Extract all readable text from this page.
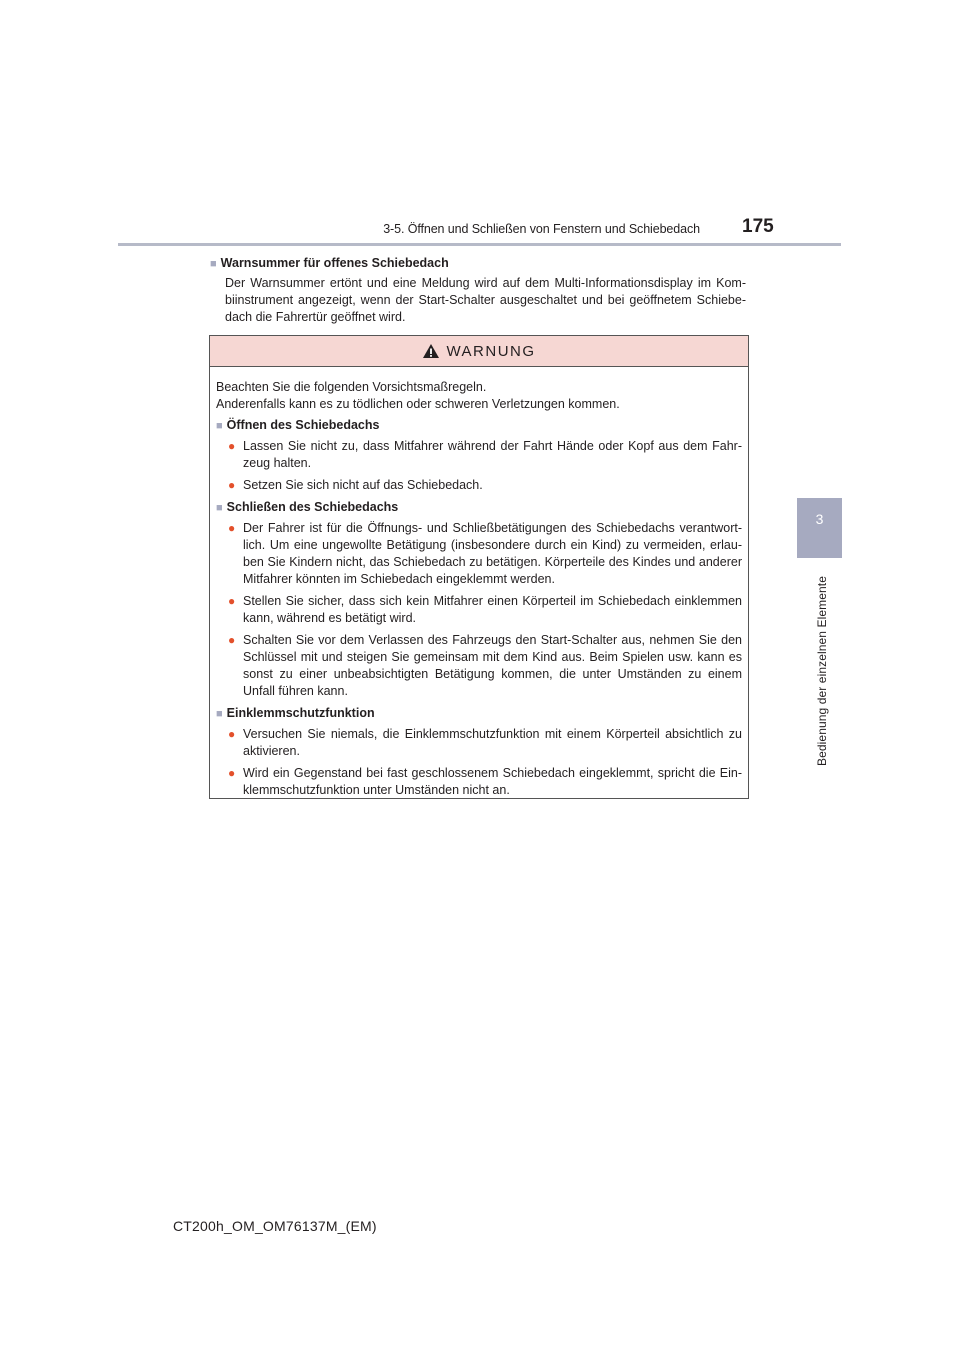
3-5. Öffnen und Schließen von Fenstern und Schiebedach 175
3
Bedienung der einzelnen Elemente
■ Warnsummer für offenes Schiebedach

Der Warnsummer ertönt und eine Meldung wird auf dem Multi-Informationsdisplay im Kom-biinstrument angezeigt, wenn der Start-Schalter ausgeschaltet und bei geöffnetem Schiebe-dach die Fahrertür geöffnet wird.

WARNUNG
Beachten Sie die folgenden Vorsichtsmaßregeln.
Anderenfalls kann es zu tödlichen oder schweren Verletzungen kommen.
■ Öffnen des Schiebedachs
● Lassen Sie nicht zu, dass Mitfahrer während der Fahrt Hände oder Kopf aus dem Fahr-zeug halten.
● Setzen Sie sich nicht auf das Schiebedach.
■ Schließen des Schiebedachs
● Der Fahrer ist für die Öffnungs- und Schließbetätigungen des Schiebedachs verantwort-lich. Um eine ungewollte Betätigung (insbesondere durch ein Kind) zu vermeiden, erlau-ben Sie Kindern nicht, das Schiebedach zu betätigen. Körperteile des Kindes und anderer Mitfahrer könnten im Schiebedach eingeklemmt werden.
● Stellen Sie sicher, dass sich kein Mitfahrer einen Körperteil im Schiebedach einklemmen kann, während es betätigt wird.
● Schalten Sie vor dem Verlassen des Fahrzeugs den Start-Schalter aus, nehmen Sie den Schlüssel mit und steigen Sie gemeinsam mit dem Kind aus. Beim Spielen usw. kann es sonst zu einer unbeabsichtigten Betätigung kommen, die unter Umständen zu einem Unfall führen kann.
■ Einklemmschutzfunktion
● Versuchen Sie niemals, die Einklemmschutzfunktion mit einem Körperteil absichtlich zu aktivieren.
● Wird ein Gegenstand bei fast geschlossenem Schiebedach eingeklemmt, spricht die Ein-klemmschutzfunktion unter Umständen nicht an.
CT200h_OM_OM76137M_(EM)
